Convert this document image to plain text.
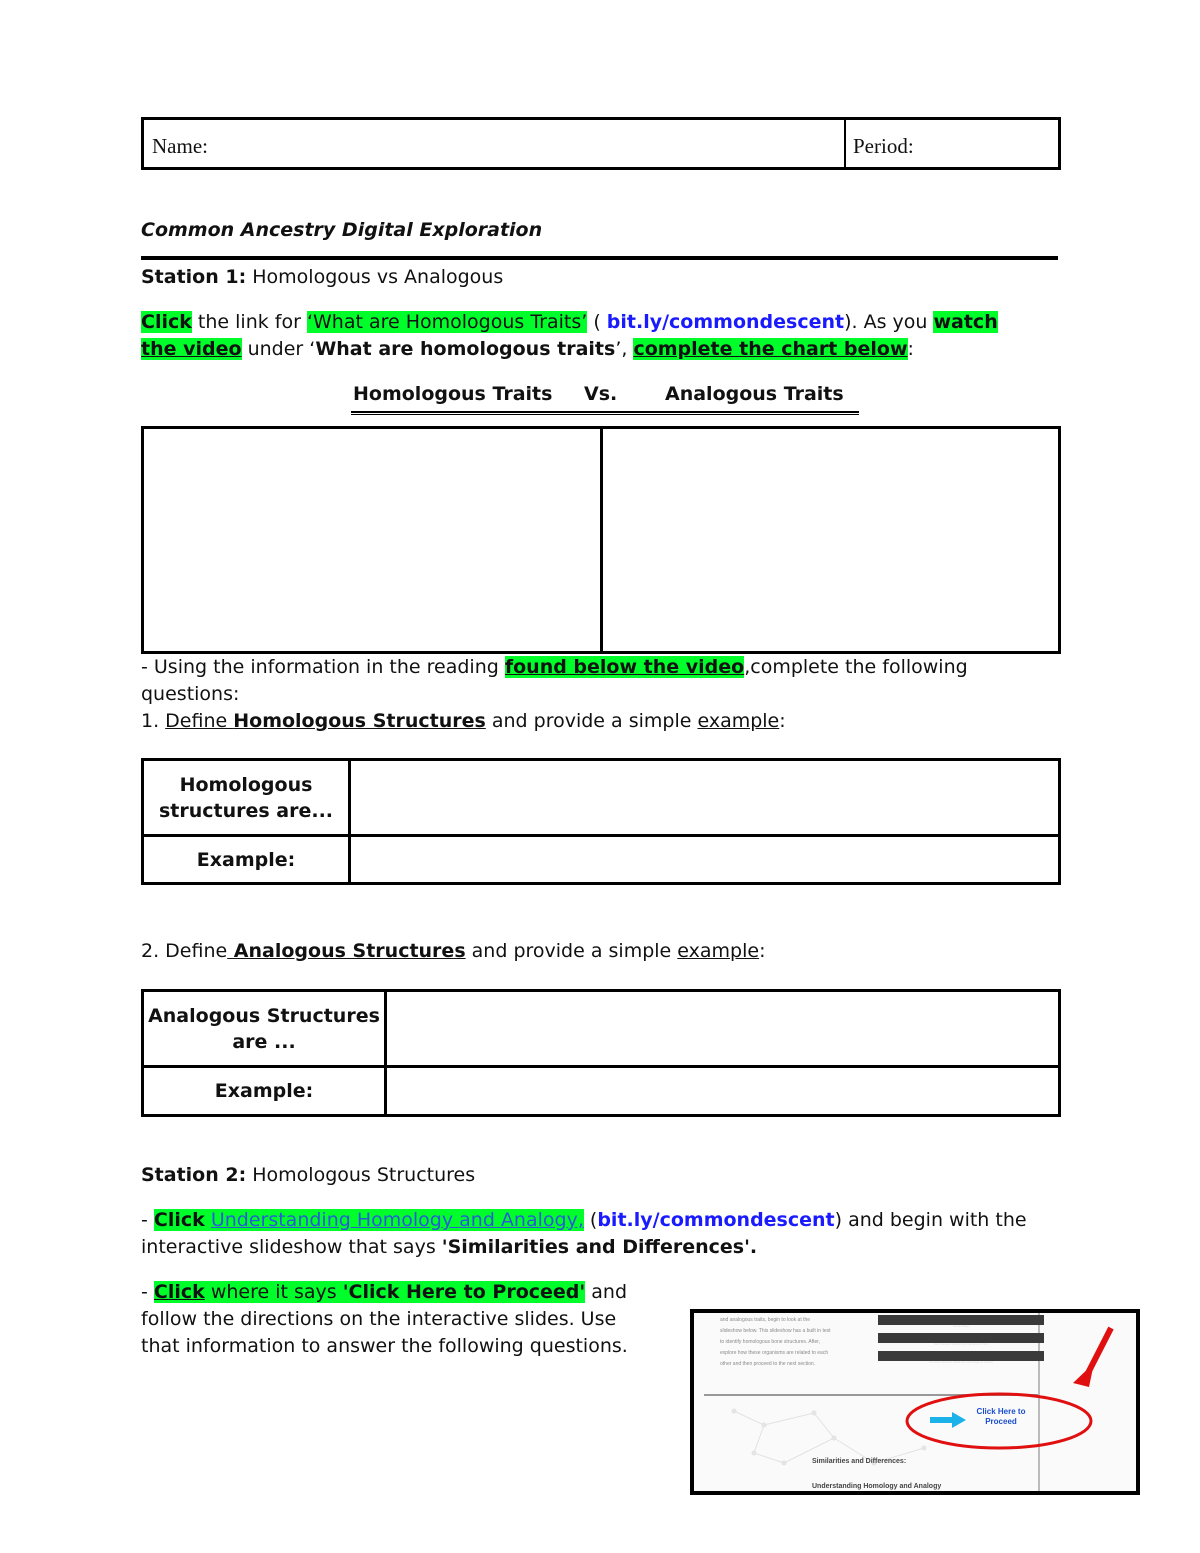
Name:	Period:
Common Ancestry Digital Exploration
Station 1: Homologous vs Analogous
Click the link for ‘What are Homologous Traits’ ( bit.ly/commondescent). As you watch
the video under ‘What are homologous traits’, complete the chart below:
Homologous Traits Vs.	Analogous Traits
- Using the information in the reading found below the video,complete the following
questions:
1. Define Homologous Structures and provide a simple example:
Homologous structures are...	
Example:	
2. Define Analogous Structures and provide a simple example:
Analogous Structures are ...	
Example:	
Station 2: Homologous Structures
- Click Understanding Homology and Analogy, (bit.ly/commondescent) and begin with the
interactive slideshow that says 'Similarities and Differences'.
- Click where it says 'Click Here to Proceed' and
follow the directions on the interactive slides. Use
that information to answer the following questions.
and analogous traits, begin to look at the
slideshow below. This slideshow has a built in test
to identify homologous bone structures. After,
explore how these organisms are related to each
other and then proceed to the next section.
Home Page
Next Section: Exploring Analogous Traits
Previous Section: What are Homologous Traits?
Click Here to Proceed
Similarities and Differences:
Understanding Homology and Analogy
